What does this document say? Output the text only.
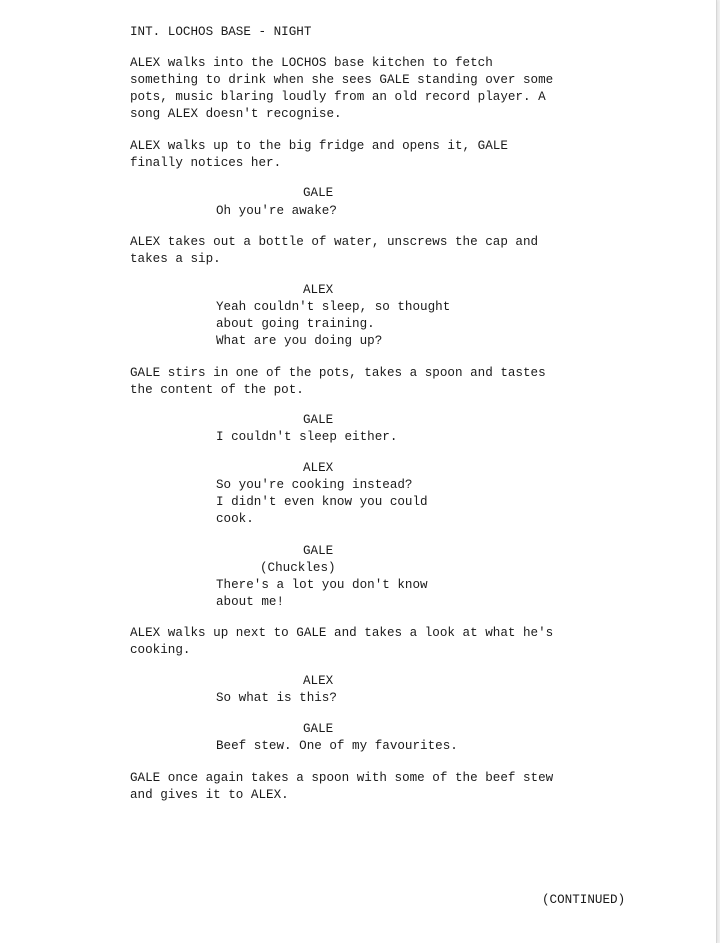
INT. LOCHOS BASE - NIGHT

ALEX walks into the LOCHOS base kitchen to fetch

something to drink when she sees GALE standing over some

pots, music blaring loudly from an old record player. A

song ALEX doesn't recognise.

ALEX walks up to the big fridge and opens it, GALE

finally notices her.

GALE

Oh you're awake?

ALEX takes out a bottle of water, unscrews the cap and

takes a sip.

ALEX

Yeah couldn't sleep, so thought

about going training.

What are you doing up?

GALE stirs in one of the pots, takes a spoon and tastes

the content of the pot.

GALE

I couldn't sleep either.

ALEX

So you're cooking instead?

I didn't even know you could

cook.

GALE

(Chuckles)

There's a lot you don't know

about me!

ALEX walks up next to GALE and takes a look at what he's

cooking.

ALEX

So what is this?

GALE

Beef stew. One of my favourites.

GALE once again takes a spoon with some of the beef stew

and gives it to ALEX.

(CONTINUED)
